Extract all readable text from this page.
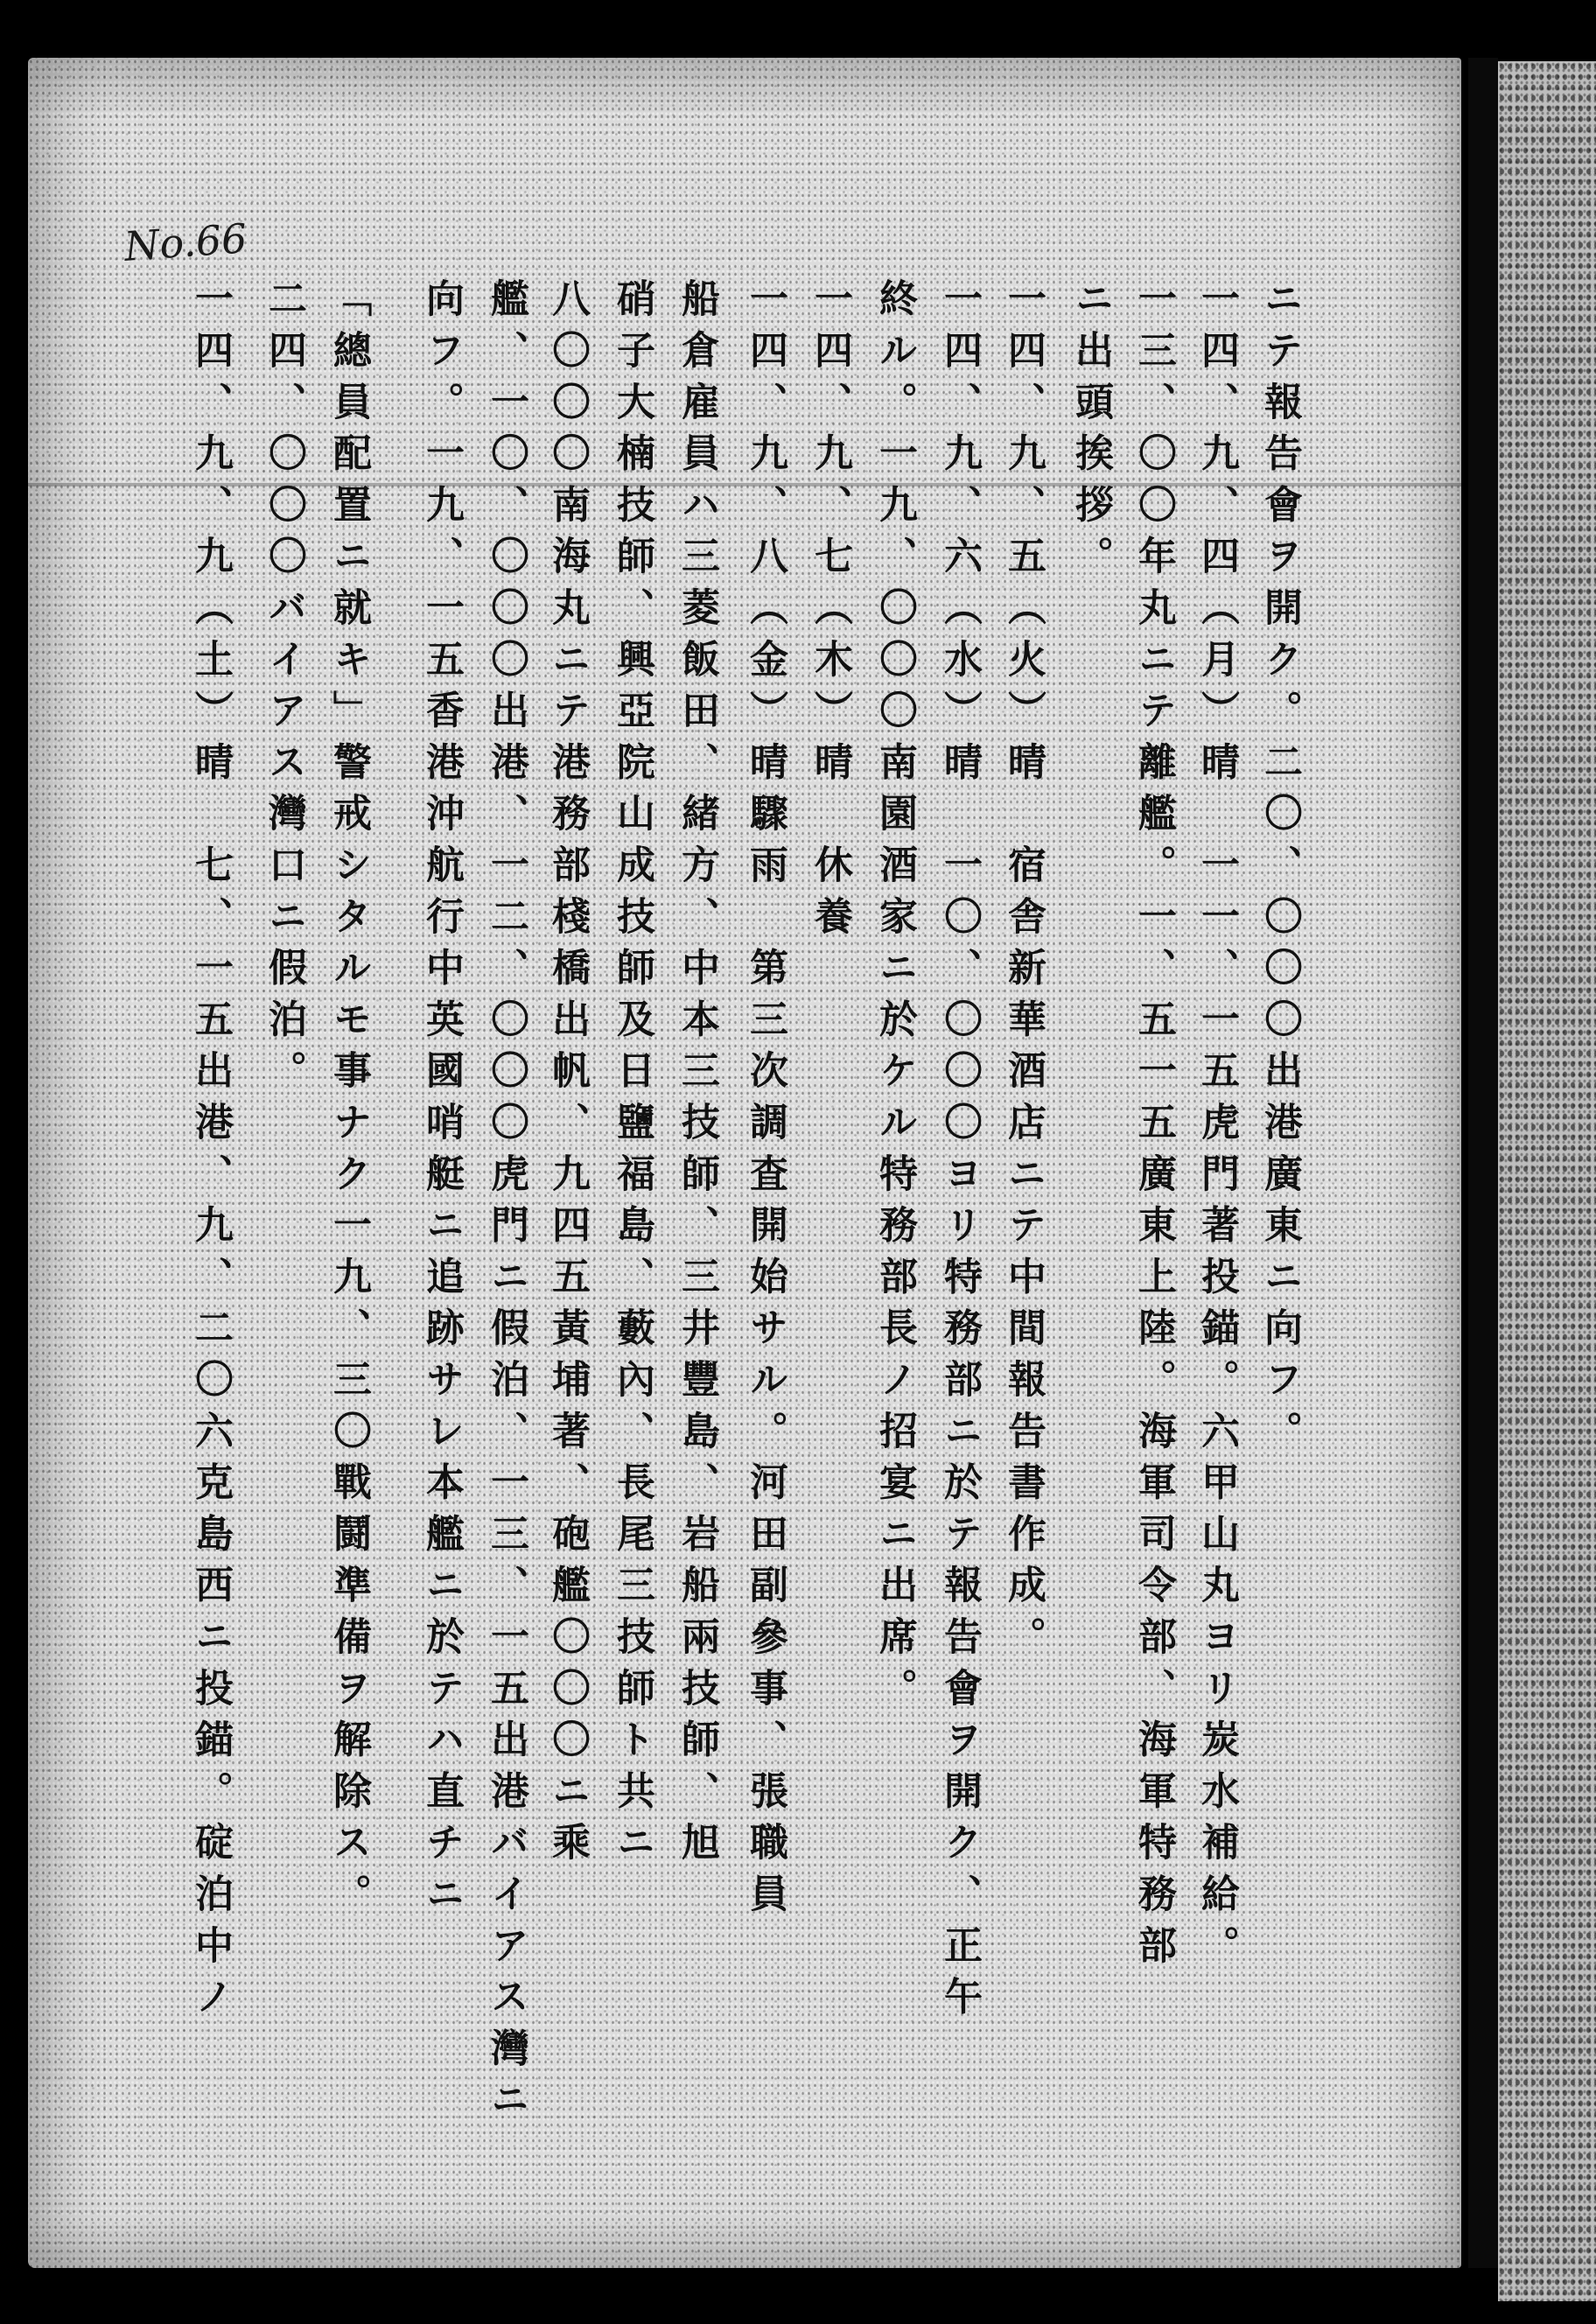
No.66
ニテ報告會ヲ開ク。二〇、〇〇〇出港廣東ニ向フ。
一四、九、四（月）晴　一一、一五虎門著投錨。六甲山丸ヨリ炭水補給。
一三、〇〇年丸ニテ離艦。一、五一五廣東上陸。海軍司令部、海軍特務部
ニ出頭挨拶。
一四、九、五（火）晴　宿舎新華酒店ニテ中間報告書作成。
一四、九、六（水）晴　一〇、〇〇〇ヨリ特務部ニ於テ報告會ヲ開ク、正午
終ル。一九、〇〇〇南園酒家ニ於ケル特務部長ノ招宴ニ出席。
一四、九、七（木）晴　休養
一四、九、八（金）晴驟雨　第三次調査開始サル。河田副參事、張職員
船倉雇員ハ三菱飯田、緒方、中本三技師、三井豐島、岩船兩技師、旭
硝子大楠技師、興亞院山成技師及日鹽福島、藪內、長尾三技師ト共ニ
八〇〇〇南海丸ニテ港務部棧橋出帆、九四五黃埔著、砲艦〇〇〇ニ乘
艦、一〇、〇〇〇出港、一二、〇〇〇虎門ニ假泊、一三、一五出港バイアス灣ニ
向フ。一九、一五香港沖航行中英國哨艇ニ追跡サレ本艦ニ於テハ直チニ
「總員配置ニ就キ」警戒シタルモ事ナク一九、三〇戰鬪準備ヲ解除ス。
二四、〇〇〇バイアス灣口ニ假泊。
一四、九、九（土）晴　七、一五出港、九、二〇六克島西ニ投錨。碇泊中ノ
